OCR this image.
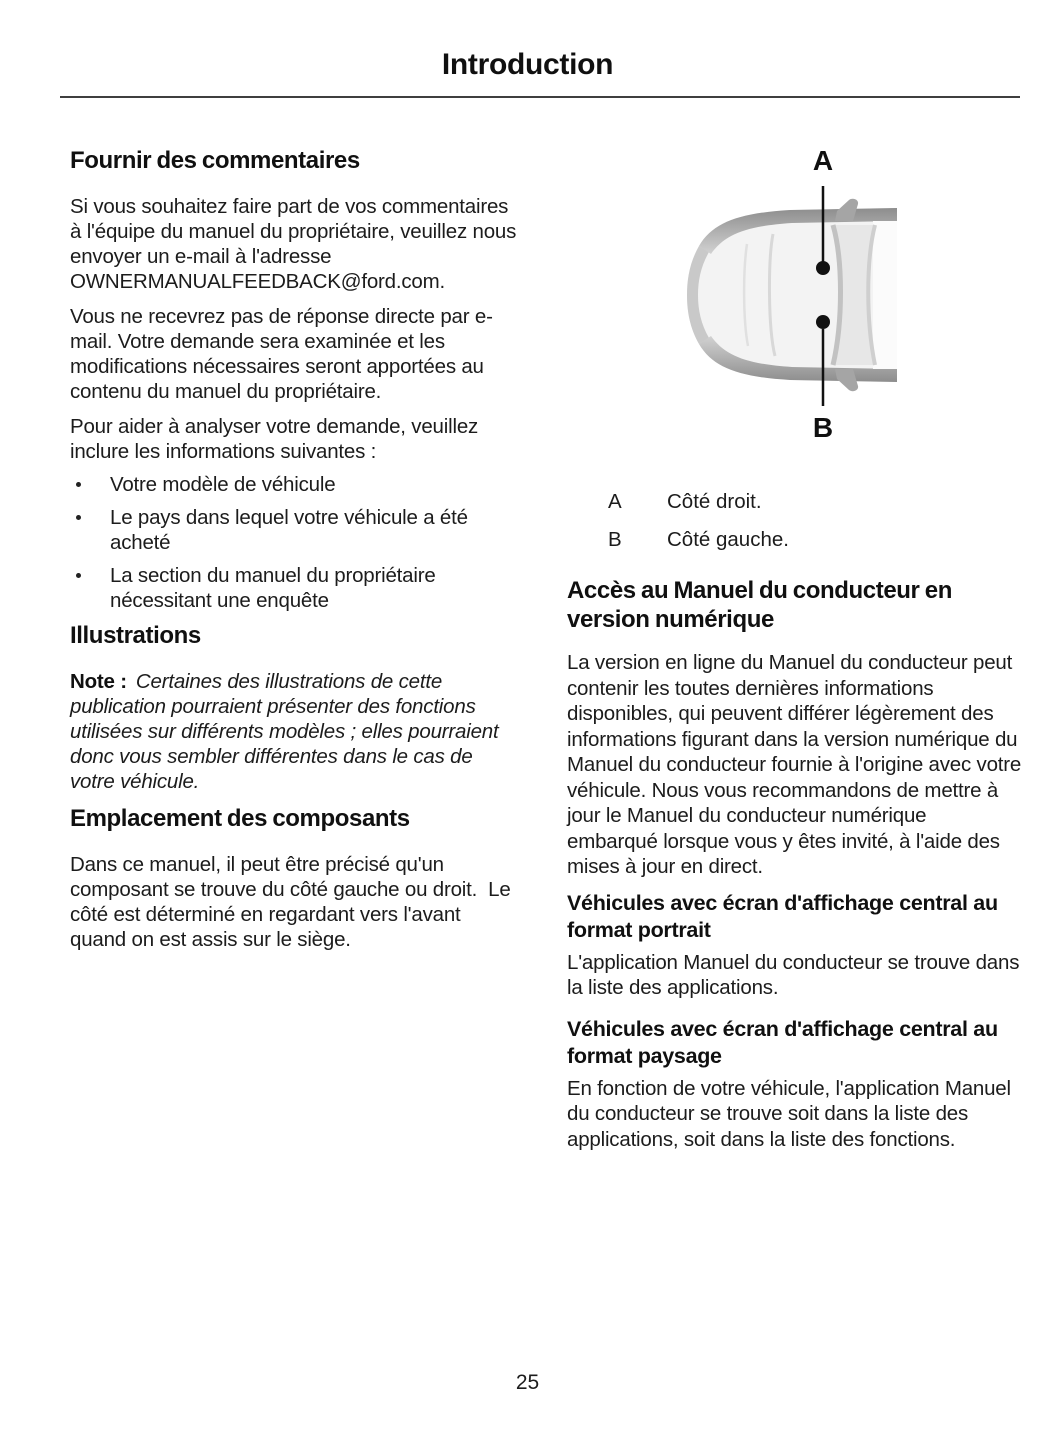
Introduction
Fournir des commentaires

Si vous souhaitez faire part de vos commentaires à l'équipe du manuel du propriétaire, veuillez nous envoyer un e-mail à l'adresse OWNERMANUALFEEDBACK@ford.com.

Vous ne recevrez pas de réponse directe par e-mail. Votre demande sera examinée et les modifications nécessaires seront apportées au contenu du manuel du propriétaire.

Pour aider à analyser votre demande, veuillez inclure les informations suivantes :

Votre modèle de véhicule
Le pays dans lequel votre véhicule a été acheté
La section du manuel du propriétaire nécessitant une enquête
Illustrations

Note : Certaines des illustrations de cette publication pourraient présenter des fonctions utilisées sur différents modèles ; elles pourraient donc vous sembler différentes dans le cas de votre véhicule.

Emplacement des composants

Dans ce manuel, il peut être précisé qu'un composant se trouve du côté gauche ou droit.  Le côté est déterminé en regardant vers l'avant quand on est assis sur le siège.

A
B
A	Côté droit.
B	Côté gauche.
Accès au Manuel du conducteur en version numérique

La version en ligne du Manuel du conducteur peut contenir les toutes dernières informations disponibles, qui peuvent différer légèrement des informations figurant dans la version numérique du Manuel du conducteur fournie à l'origine avec votre véhicule. Nous vous recommandons de mettre à jour le Manuel du conducteur numérique embarqué lorsque vous y êtes invité, à l'aide des mises à jour en direct.

Véhicules avec écran d'affichage central au format portrait

L'application Manuel du conducteur se trouve dans la liste des applications.

Véhicules avec écran d'affichage central au format paysage

En fonction de votre véhicule, l'application Manuel du conducteur se trouve soit dans la liste des applications, soit dans la liste des fonctions.

25
